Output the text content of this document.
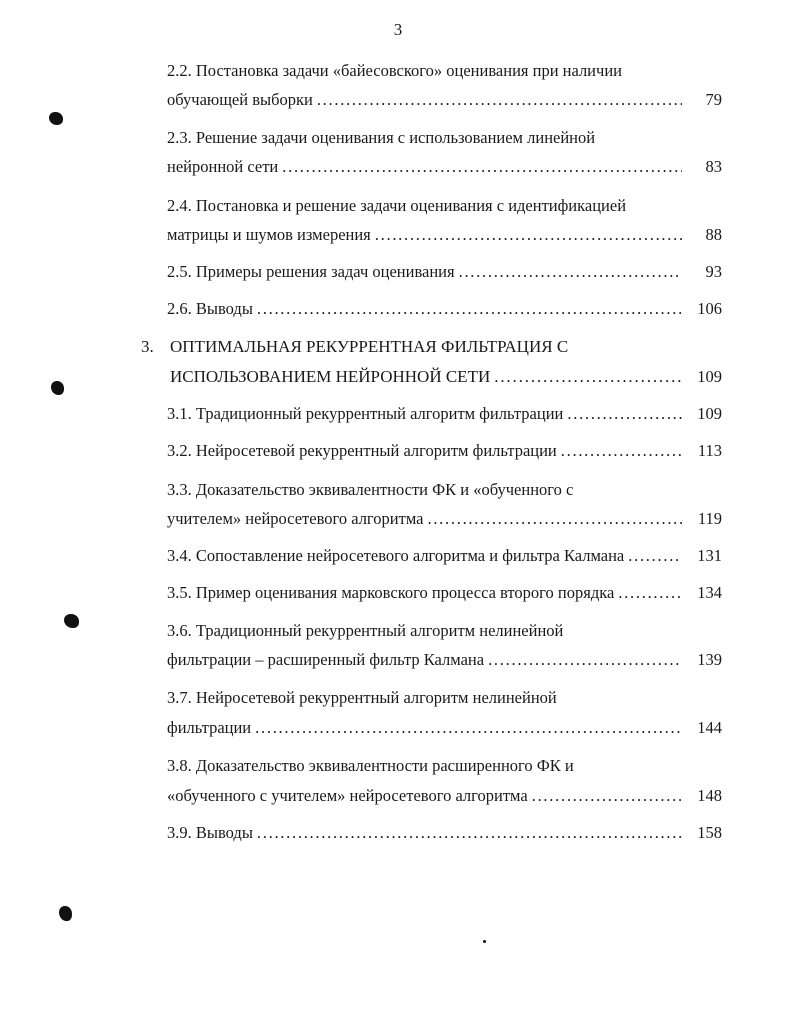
3
2.2. Постановка задачи «байесовского» оценивания при наличии
обучающей выборки . . .	79
2.3. Решение задачи оценивания с использованием линейной
нейронной сети . . .	83
2.4. Постановка и решение задачи оценивания с идентификацией
матрицы и шумов измерения . . .	88
2.5. Примеры решения задач оценивания . . .	93
2.6. Выводы . . .	106
3. ОПТИМАЛЬНАЯ РЕКУРРЕНТНАЯ ФИЛЬТРАЦИЯ С
ИСПОЛЬЗОВАНИЕМ НЕЙРОННОЙ СЕТИ . . .	109
3.1. Традиционный рекуррентный алгоритм фильтрации . . .	109
3.2. Нейросетевой рекуррентный алгоритм фильтрации . . .	113
3.3. Доказательство эквивалентности ФК и «обученного с
учителем» нейросетевого алгоритма . . .	119
3.4. Сопоставление нейросетевого алгоритма и фильтра Калмана . . .	131
3.5. Пример оценивания марковского процесса второго порядка . . .	134
3.6. Традиционный рекуррентный алгоритм нелинейной
фильтрации – расширенный фильтр Калмана . . .	139
3.7. Нейросетевой рекуррентный алгоритм нелинейной
фильтрации . . .	144
3.8. Доказательство эквивалентности расширенного ФК и
«обученного с учителем» нейросетевого алгоритма . . .	148
3.9. Выводы . . .	158
